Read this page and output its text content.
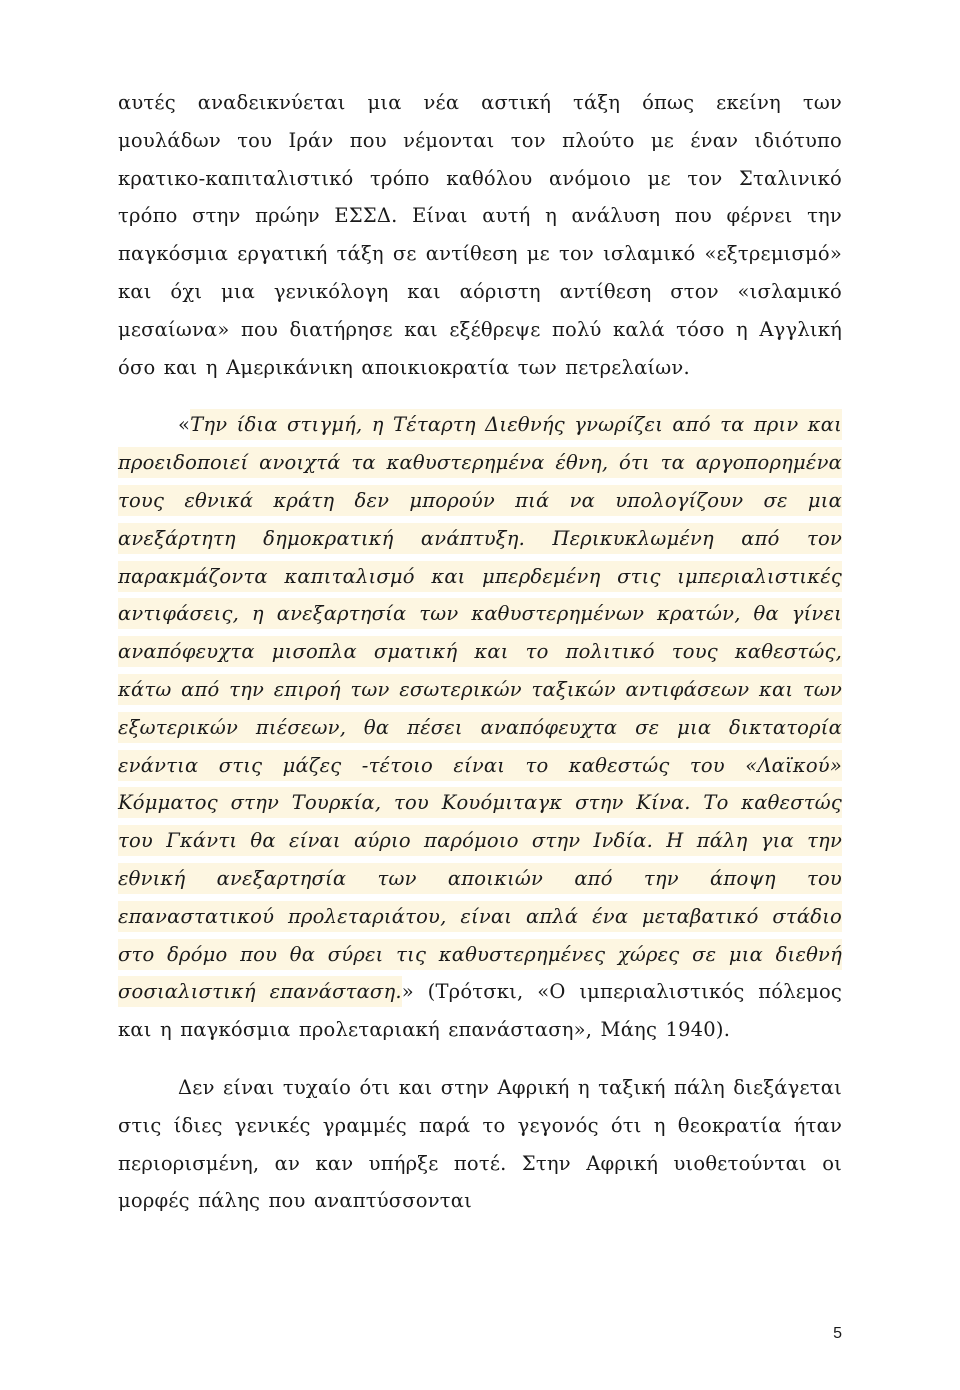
αυτές αναδεικνύεται μια νέα αστική τάξη όπως εκείνη των μουλάδων του Ιράν που νέμονται τον πλούτο με έναν ιδιότυπο κρατικο-καπιταλιστικό τρόπο καθόλου ανόμοιο με τον Σταλινικό τρόπο στην πρώην ΕΣΣΔ. Είναι αυτή η ανάλυση που φέρνει την παγκόσμια εργατική τάξη σε αντίθεση με τον ισλαμικό «εξτρεμισμό» και όχι μια γενικόλογη και αόριστη αντίθεση στον «ισλαμικό μεσαίωνα» που διατήρησε και εξέθρεψε πολύ καλά τόσο η Αγγλική όσο και η Αμερικάνικη αποικιοκρατία των πετρελαίων.

«Την ίδια στιγμή, η Τέταρτη Διεθνής γνωρίζει από τα πριν και προειδοποιεί ανοιχτά τα καθυστερημένα έθνη, ότι τα αργοπορημένα τους εθνικά κράτη δεν μπορούν πιά να υπολογίζουν σε μια ανεξάρτητη δημοκρατική ανάπτυξη. Περικυκλωμένη από τον παρακμάζοντα καπιταλισμό και μπερδεμένη στις ιμπεριαλιστικές αντιφάσεις, η ανεξαρτησία των καθυστερημένων κρατών, θα γίνει αναπόφευχτα μισοπλα σματική και το πολιτικό τους καθεστώς, κάτω από την επιροή των εσωτερικών ταξικών αντιφάσεων και των εξωτερικών πιέσεων, θα πέσει αναπόφευχτα σε μια δικτατορία ενάντια στις μάζες -τέτοιο είναι το καθεστώς του «Λαϊκού» Κόμματος στην Τουρκία, του Κουόμιταγκ στην Κίνα. Το καθεστώς του Γκάντι θα είναι αύριο παρόμοιο στην Ινδία. Η πάλη για την εθνική ανεξαρτησία των αποικιών από την άποψη του επαναστατικού προλεταριάτου, είναι απλά ένα μεταβατικό στάδιο στο δρόμο που θα σύρει τις καθυστερημένες χώρες σε μια διεθνή σοσιαλιστική επανάσταση.» (Τρότσκι, «Ο ιμπεριαλιστικός πόλεμος και η παγκόσμια προλεταριακή επανάσταση», Μάης 1940).

Δεν είναι τυχαίο ότι και στην Αφρική η ταξική πάλη διεξάγεται στις ίδιες γενικές γραμμές παρά το γεγονός ότι η θεοκρατία ήταν περιορισμένη, αν καν υπήρξε ποτέ. Στην Αφρική υιοθετούνται οι μορφές πάλης που αναπτύσσονται

5
